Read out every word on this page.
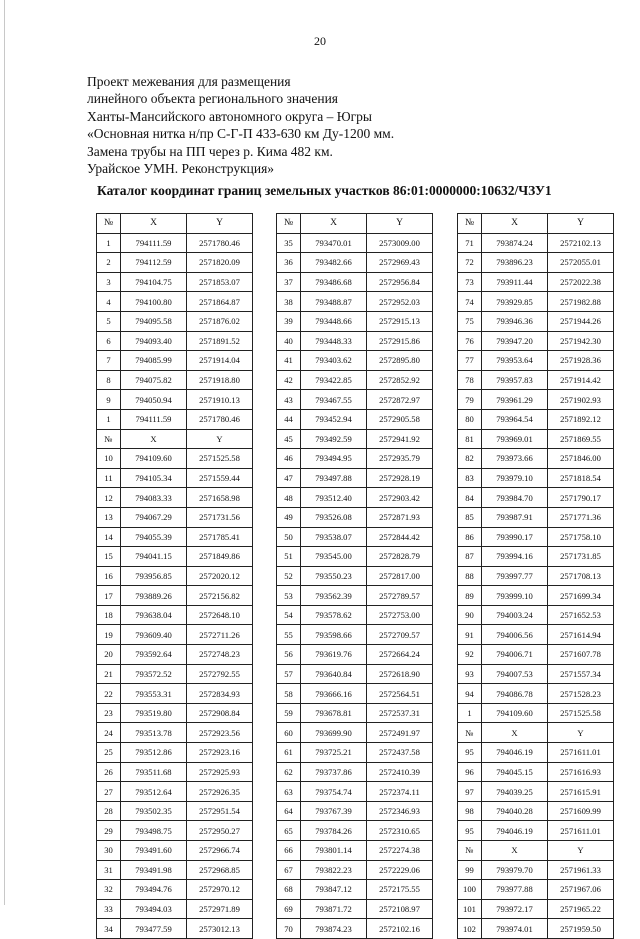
20
Проект межевания для размещения
линейного объекта регионального значения
Ханты-Мансийского автономного округа – Югры
«Основная нитка н/пр С-Г-П 433-630 км Ду-1200 мм.
Замена трубы на ПП через р. Кима 482 км.
Урайское УМН. Реконструкция»
Каталог координат границ земельных участков 86:01:0000000:10632/ЧЗУ1
№	X	Y
1	794111.59	2571780.46
2	794112.59	2571820.09
3	794104.75	2571853.07
4	794100.80	2571864.87
5	794095.58	2571876.02
6	794093.40	2571891.52
7	794085.99	2571914.04
8	794075.82	2571918.80
9	794050.94	2571910.13
1	794111.59	2571780.46
№	X	Y
10	794109.60	2571525.58
11	794105.34	2571559.44
12	794083.33	2571658.98
13	794067.29	2571731.56
14	794055.39	2571785.41
15	794041.15	2571849.86
16	793956.85	2572020.12
17	793889.26	2572156.82
18	793638.04	2572648.10
19	793609.40	2572711.26
20	793592.64	2572748.23
21	793572.52	2572792.55
22	793553.31	2572834.93
23	793519.80	2572908.84
24	793513.78	2572923.56
25	793512.86	2572923.16
26	793511.68	2572925.93
27	793512.64	2572926.35
28	793502.35	2572951.54
29	793498.75	2572950.27
30	793491.60	2572966.74
31	793491.98	2572968.85
32	793494.76	2572970.12
33	793494.03	2572971.89
34	793477.59	2573012.13
№	X	Y
35	793470.01	2573009.00
36	793482.66	2572969.43
37	793486.68	2572956.84
38	793488.87	2572952.03
39	793448.66	2572915.13
40	793448.33	2572915.86
41	793403.62	2572895.80
42	793422.85	2572852.92
43	793467.55	2572872.97
44	793452.94	2572905.58
45	793492.59	2572941.92
46	793494.95	2572935.79
47	793497.88	2572928.19
48	793512.40	2572903.42
49	793526.08	2572871.93
50	793538.07	2572844.42
51	793545.00	2572828.79
52	793550.23	2572817.00
53	793562.39	2572789.57
54	793578.62	2572753.00
55	793598.66	2572709.57
56	793619.76	2572664.24
57	793640.84	2572618.90
58	793666.16	2572564.51
59	793678.81	2572537.31
60	793699.90	2572491.97
61	793725.21	2572437.58
62	793737.86	2572410.39
63	793754.74	2572374.11
64	793767.39	2572346.93
65	793784.26	2572310.65
66	793801.14	2572274.38
67	793822.23	2572229.06
68	793847.12	2572175.55
69	793871.72	2572108.97
70	793874.23	2572102.16
№	X	Y
71	793874.24	2572102.13
72	793896.23	2572055.01
73	793911.44	2572022.38
74	793929.85	2571982.88
75	793946.36	2571944.26
76	793947.20	2571942.30
77	793953.64	2571928.36
78	793957.83	2571914.42
79	793961.29	2571902.93
80	793964.54	2571892.12
81	793969.01	2571869.55
82	793973.66	2571846.00
83	793979.10	2571818.54
84	793984.70	2571790.17
85	793987.91	2571771.36
86	793990.17	2571758.10
87	793994.16	2571731.85
88	793997.77	2571708.13
89	793999.10	2571699.34
90	794003.24	2571652.53
91	794006.56	2571614.94
92	794006.71	2571607.78
93	794007.53	2571557.34
94	794086.78	2571528.23
1	794109.60	2571525.58
№	X	Y
95	794046.19	2571611.01
96	794045.15	2571616.93
97	794039.25	2571615.91
98	794040.28	2571609.99
95	794046.19	2571611.01
№	X	Y
99	793979.70	2571961.33
100	793977.88	2571967.06
101	793972.17	2571965.22
102	793974.01	2571959.50
